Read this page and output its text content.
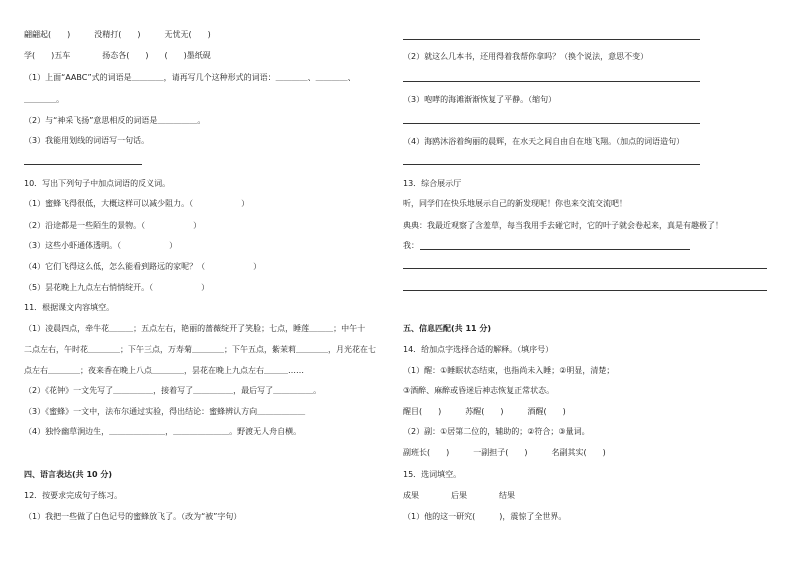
翩翩起(　　)　　　没精打(　　)　　　无忧无(　　)
学(　　)五车　　　　扬态各(　　)　　(　　)墨纸砚
（1）上面“AABC”式的词语是＿＿＿＿，请再写几个这种形式的词语：＿＿＿＿、＿＿＿＿、
＿＿＿＿。
（2）与“神采飞扬”意思相反的词语是＿＿＿＿＿。
（3）我能用划线的词语写一句话。
10．写出下列句子中加点词语的反义词。
（1）蜜蜂飞得很低，大概这样可以减少阻力。（　　　　　　）
（2）沿途都是一些陌生的景物。（　　　　　　）
（3）这些小虾通体透明。（　　　　　　）
（4）它们飞得这么低，怎么能看到路远的家呢？（　　　　　　）
（5）昙花晚上九点左右悄悄绽开。（　　　　　　）
11．根据课文内容填空。
（1）凌晨四点，牵牛花＿＿＿；五点左右，艳丽的蔷薇绽开了笑脸；七点，睡莲＿＿＿；中午十
二点左右，午时花＿＿＿＿；下午三点，万寿菊＿＿＿＿；下午五点，紫茉莉＿＿＿＿，月光花在七
点左右＿＿＿＿；夜来香在晚上八点＿＿＿＿，昙花在晚上九点左右＿＿＿……
（2）《花钟》一文先写了＿＿＿＿＿，接着写了＿＿＿＿＿，最后写了＿＿＿＿＿。
（3）《蜜蜂》一文中，法布尔通过实验，得出结论：蜜蜂辨认方向＿＿＿＿＿＿
（4）独怜幽草涧边生，＿＿＿＿＿＿＿，＿＿＿＿＿＿＿。野渡无人舟自横。
四、语言表达(共 10 分)
12．按要求完成句子练习。
（1）我把一些做了白色记号的蜜蜂放飞了。（改为“被”字句）
（2）就这么几本书，还用得着我帮你拿吗？（换个说法，意思不变）
（3）咆哮的海滩渐渐恢复了平静。（缩句）
（4）海鸥沐浴着绚丽的晨辉，在水天之间自由自在地飞翔。（加点的词语造句）
13．综合展示厅
听，同学们在快乐地展示自己的新发现呢！你也来交流交流吧！
典典：我最近观察了含羞草，每当我用手去碰它时，它的叶子就会卷起来，真是有趣极了！
我：
五、信息匹配(共 11 分)
14．给加点字选择合适的解释。（填序号）
（1）醒：①睡眠状态结束，也指尚未入睡；②明显，清楚；
③酒醉、麻醉或昏迷后神志恢复正常状态。
醒目(　　)　　　苏醒(　　)　　　酒醒(　　)
（2）副：①居第二位的，辅助的；②符合；③量词。
副班长(　　)　　　一副担子(　　)　　　名副其实(　　)
15．选词填空。
成果　　　　后果　　　　结果
（1）他的这一研究(　　　)，震惊了全世界。
